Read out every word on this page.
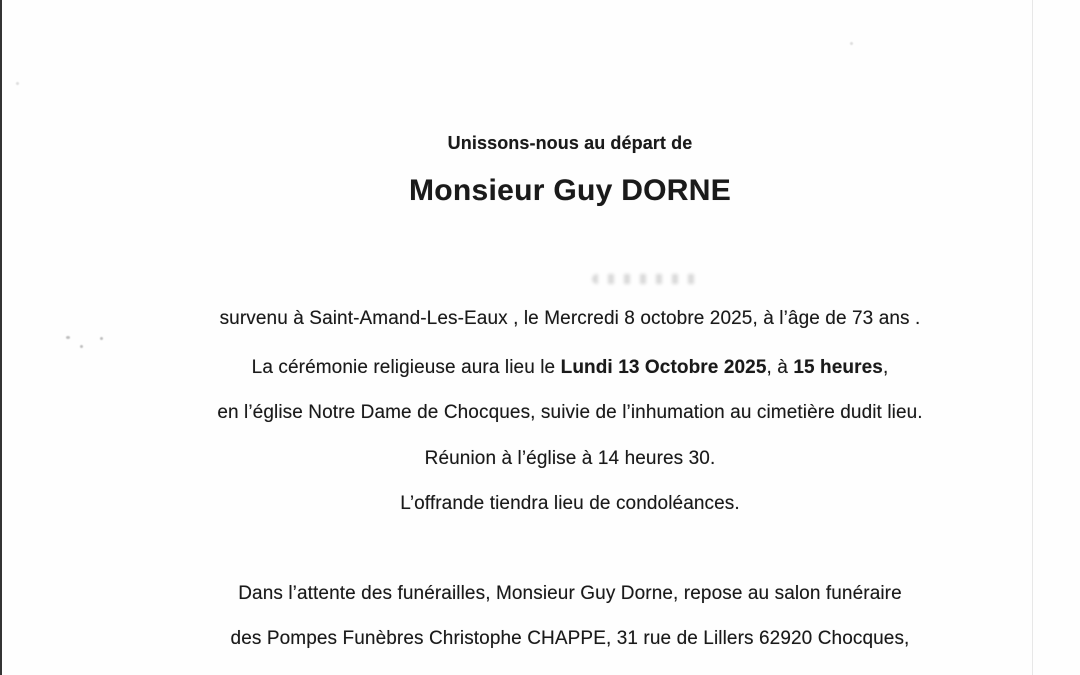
Unissons-nous au départ de
Monsieur Guy DORNE
survenu à Saint-Amand-Les-Eaux , le Mercredi 8 octobre 2025, à l’âge de 73 ans .
La cérémonie religieuse aura lieu le Lundi 13 Octobre 2025, à 15 heures,
en l’église Notre Dame de Chocques, suivie de l’inhumation au cimetière dudit lieu.
Réunion à l’église à 14 heures 30.
L’offrande tiendra lieu de condoléances.
Dans l’attente des funérailles, Monsieur Guy Dorne, repose au salon funéraire
des Pompes Funèbres Christophe CHAPPE, 31 rue de Lillers 62920 Chocques,
